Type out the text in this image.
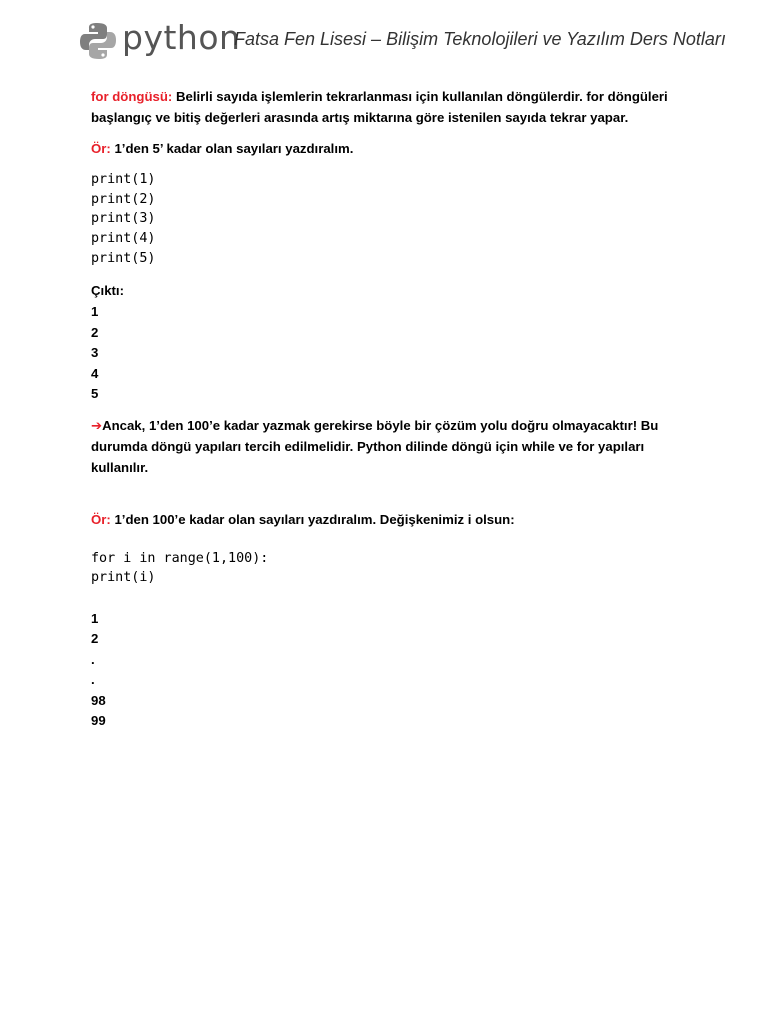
python
Fatsa Fen Lisesi – Bilişim Teknolojileri ve Yazılım Ders Notları

for döngüsü: Belirli sayıda işlemlerin tekrarlanması için kullanılan döngülerdir. for döngüleri başlangıç ve bitiş değerleri arasında artış miktarına göre istenilen sayıda tekrar yapar.

Ör: 1’den 5’ kadar olan sayıları yazdıralım.

print(1)

print(2)

print(3)

print(4)

print(5)

Çıktı:

1

2

3

4

5

➔Ancak, 1’den 100’e kadar yazmak gerekirse böyle bir çözüm yolu doğru olmayacaktır! Bu durumda döngü yapıları tercih edilmelidir. Python dilinde döngü için while ve for yapıları kullanılır.

Ör: 1’den 100’e kadar olan sayıları yazdıralım. Değişkenimiz i olsun:

for i in range(1,100):

print(i)

1

2

.

.

98

99
